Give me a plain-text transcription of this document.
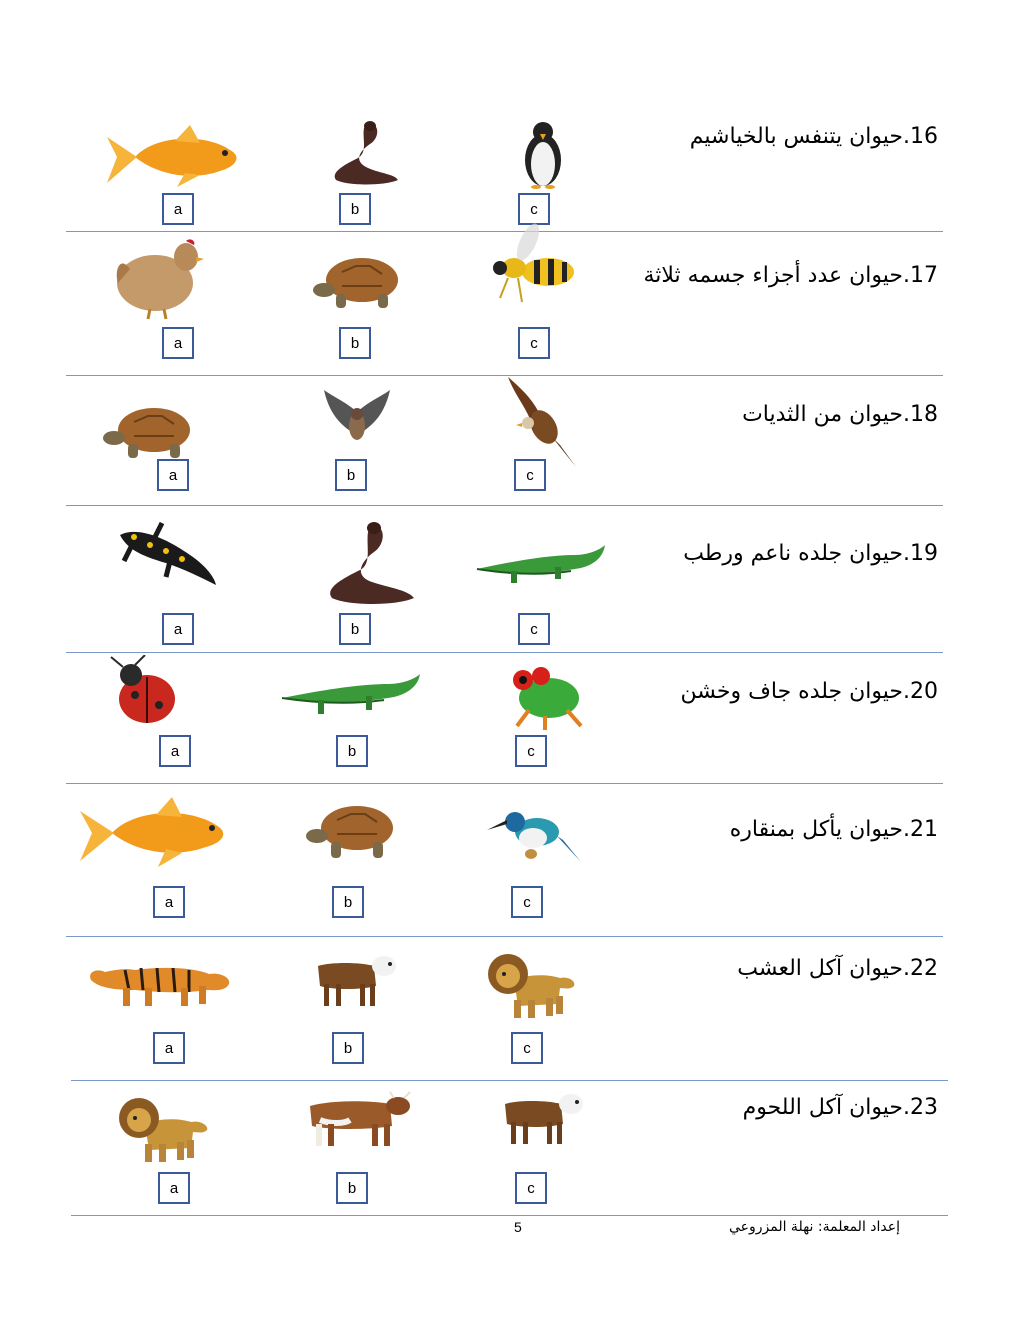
16.حيوان يتنفس بالخياشيم
a	b	c
17.حيوان عدد أجزاء جسمه ثلاثة
a	b	c
18.حيوان من الثديات
a	b	c
19.حيوان جلده ناعم ورطب
a	b	c
20.حيوان جلده جاف وخشن
a	b	c
21.حيوان يأكل بمنقاره
a	b	c
22.حيوان آكل العشب
a	b	c
23.حيوان آكل اللحوم
a	b	c
5	إعداد المعلمة: نهلة المزروعي
